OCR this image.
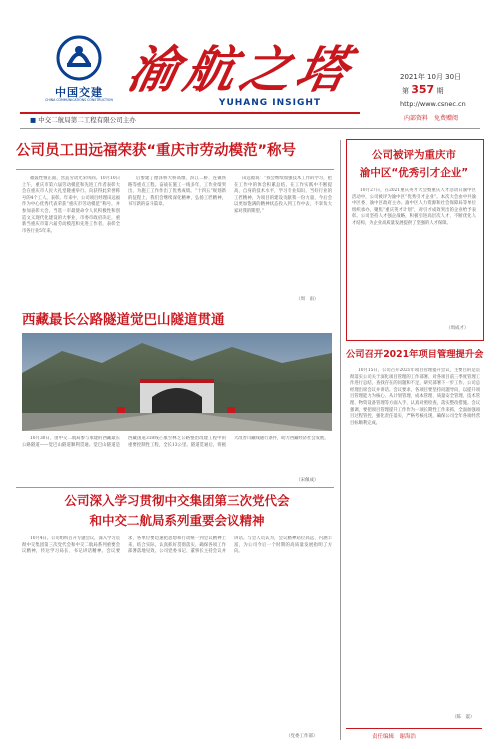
中国交建
CHINA COMMUNICATIONS CONSTRUCTION
渝航之塔
YUHANG INSIGHT
2021年 10月 30日
第 357 期
http://www.csnec.cn
内部资料　免费赠阅
■ 中交二航局第二工程有限公司主办
公司员工田远福荣获“重庆市劳动模范”称号

福鼓性情正面，营造劳动光荣风尚。10月10日上午，重庆市第六届劳动模范和先进工作者表彰大会在重庆市人民大礼堂隆重举行。向获得此荣誉称号的4个工人，表彰。年来中，公司项目经理田远福作为中心优秀代表荣获“重庆市劳动模范”称号，并参加表彰大会。当选一市最使命令人民积极性和创造文义现代化建设的大事业，市委市政府决定，重新当重庆市第六届劳动模范和先进工作者，表彰全市各行业5年来。

后参建了德泽桥大桥高墩、滨江二桥、连镇铁路等重点工程。奋战在施工一线多年，工作业绩突出，为施工工作作出了优秀成绩。“十四五”规划新的征程上，我们会继续深化精神，弘扬工匠精神，书写新的奋斗篇章。

田远福说：“我会继续加强技术工作的学习，把在工作中的体会积累总结，在工作实践中不断提高，自身的技术水平，学习专业知识，当好行业的工匠精神，为项目的建设贡献我一份力量，今后会以更加饱满的精神状态投入到工作中去，不辜负大家对我的期望。”

（周　雨）
西藏最长公路隧道觉巴山隧道贯通

10月30日，由中交二航局参与承建的西藏最长公路隧道——觉巴山隧道顺利贯通。觉巴山隧道是西藏国道318线芒康至林芝公路整治改建工程中的重要控制性工程，全长13公里。隧道贯通后，将极大改善川藏线通行条件，助力西藏经济社会发展。

（宋佩成）
公司深入学习贯彻中交集团第三次党代会
和中交二航局系列重要会议精神

10月4日，公司组织召开专题会议，深入学习贯彻中交集团第三次党代会和中交二航局系列重要会议精神，传达学习局长、书记讲话精神。会议要求，各单位要迅速把思想和行动统一到会议精神上来，结合实际，认真抓好贯彻落实，确保各项工作部署落地见效。公司党委书记、董事长主持会议并讲话。与会人员认为，会议精神站位高远、内涵丰富，为公司今后一个时期的高质量发展指明了方向。

（党委工作部）
公司被评为重庆市
渝中区“优秀引才企业”

10月27日，在2021重庆英才大会暨重庆人才活动日渝中区活动中，公司被评为渝中区“优秀引才企业”。本次大会由中共渝中区委、渝中区政府主办。渝中区人力资源和社会保障局等单位组织承办，聚焦“重庆英才计划”，对引才成效突出的企业给予表彰。公司坚持人才强企战略，积极引进高层次人才，不断优化人才结构，为企业高质量发展提供了坚强的人才保障。

（周成才）
公司召开2021年项目管理提升会

10月15日，公司召开2021年项目管理提升会议，主要目的是贯彻落实公司关于深化项目管理的工作部署，对各项目前三季度管理工作进行总结，查找存在的问题和不足，研究部署下一步工作。公司总经理出席会议并讲话。会议要求，各项目要坚持问题导向，以提升项目管理能力为核心，从计划管理、成本管理、质量安全管理、技术管理、物资设备管理等方面入手，认真对照检查，落实整改措施。会议强调，要把项目管理提升工作作为一项长期性工作来抓，全面加强项目过程管控，强化责任落实，严格考核兑现，确保公司全年各项经营目标顺利完成。

（陈　震）
责任编辑　谢海浩
